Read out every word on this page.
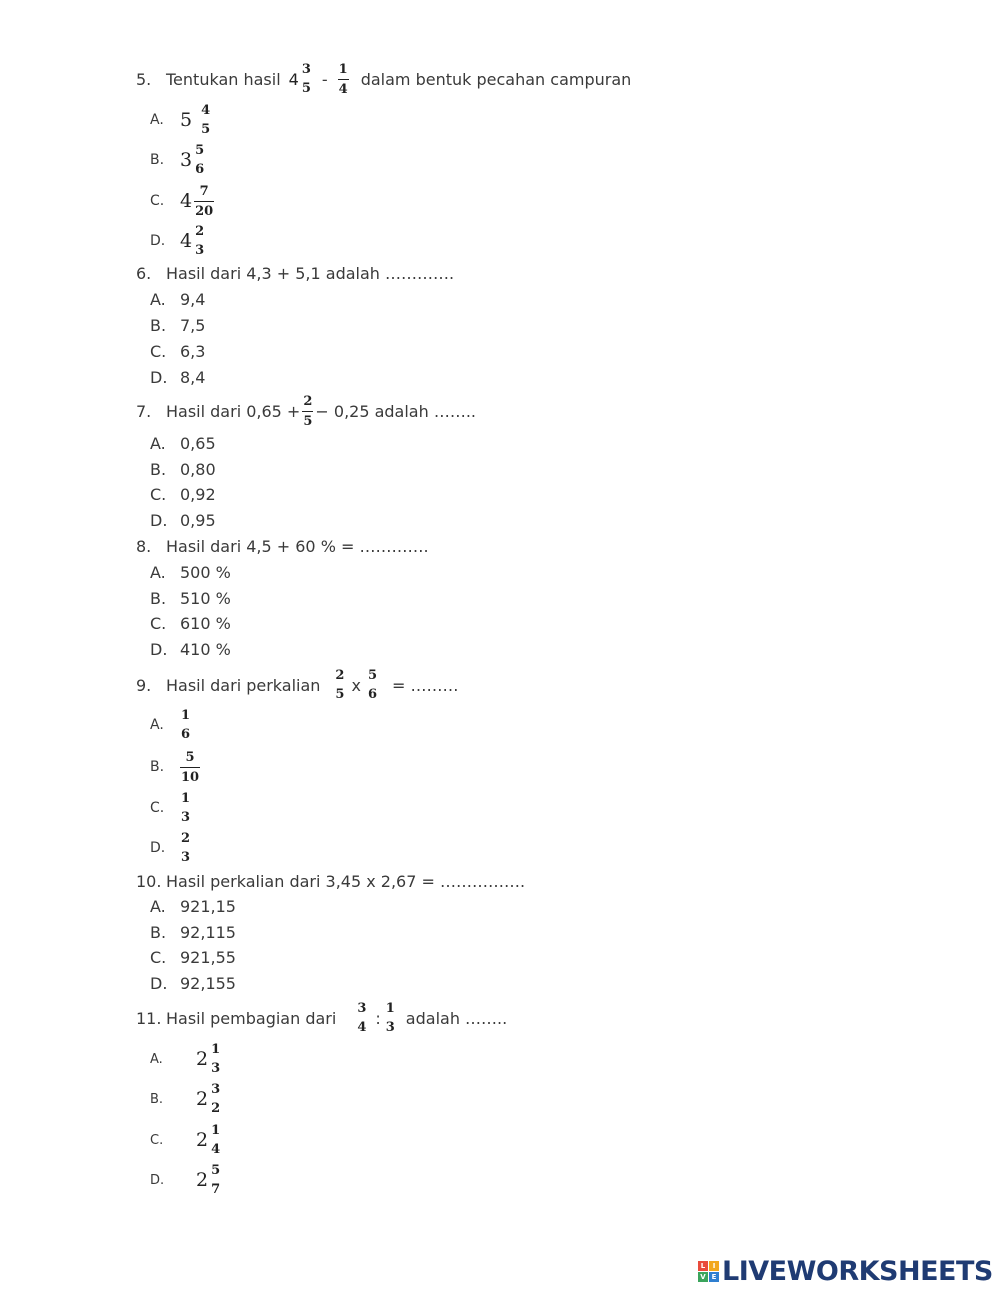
5. Tentukan hasil 4 3
$5 - \frac{1}{4}$ dalam bentuk pecahan campuran
A. 5 4
5
B. 3 5
6
C. $4 \frac{7}{20}$
D. 4 2
3
6. Hasil dari 4,3 + 5,1 adalah ………….
A. 9,4
B. 7,5
C. 6,3
D. 8,4
7. Hasil dari $0,65 + \frac{2}{5} - 0,25$ adalah ……..
A. 0,65
B. 0,80
C. 0,92
D. 0,95
8. Hasil dari 4,5 + 60 % = ………….
A. 500 %
B. 510 %
C. 610 %
D. 410 %
9. Hasil dari perkalian 2
5 x 5
6 = ………
A.
1
6
B.	$\frac{5}{10}$
C.
1
3
D.
2
3
10. Hasil perkalian dari 3,45 x 2,67 = …………….
A. 921,15
B. 92,115
C. 921,55
D. 92,155
11. Hasil pembagian dari 3
4 : 1
3 adalah ……..
A.	2 1
3
B.	2 3
2
C.	2 1
4
D.	2 5
7
L	I
V E LIVEWORKSHEETS
